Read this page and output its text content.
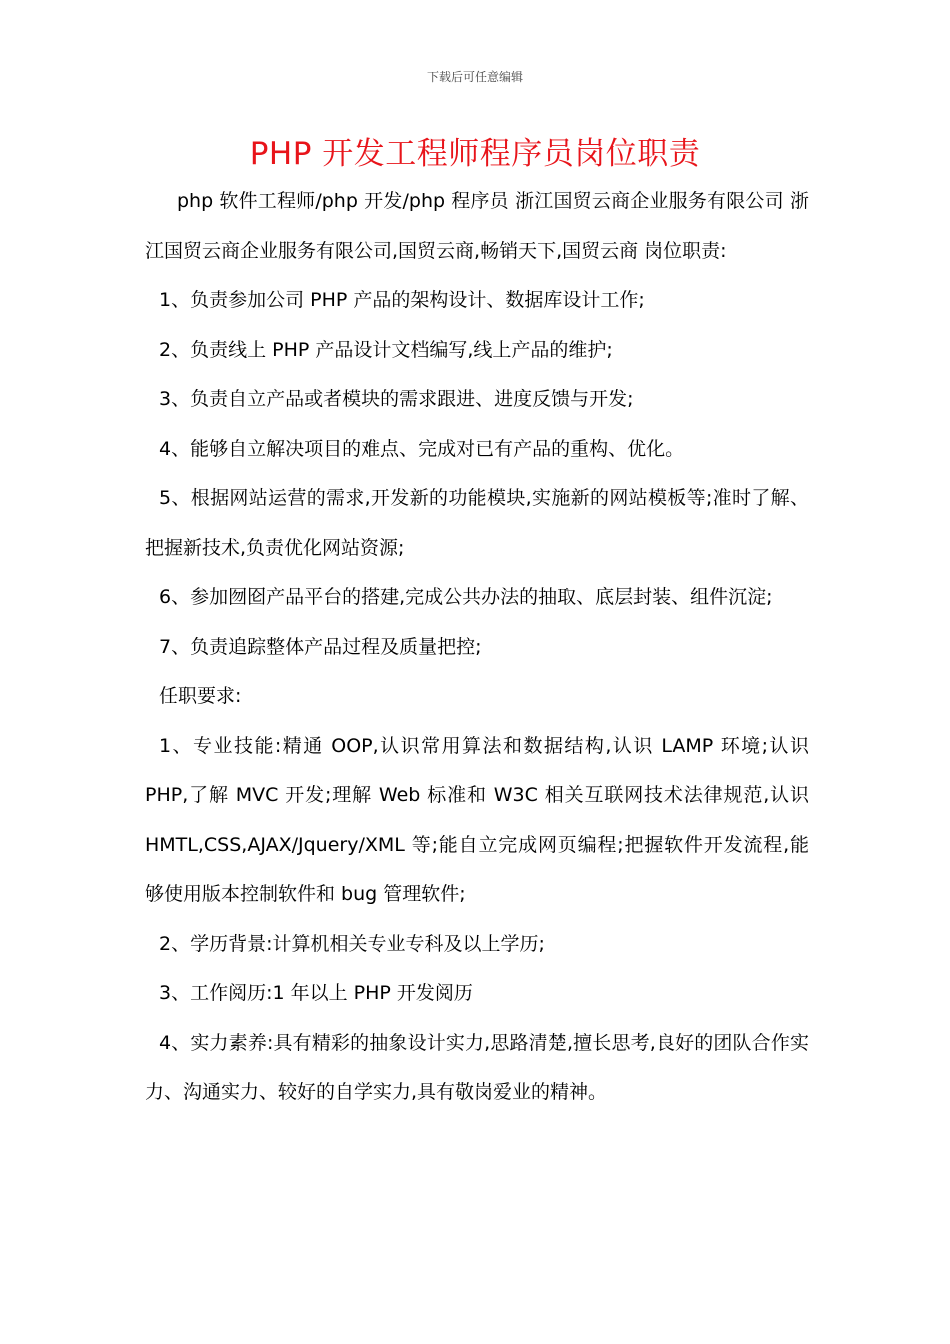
下载后可任意编辑
PHP 开发工程师程序员岗位职责

php 软件工程师/php 开发/php 程序员 浙江国贸云商企业服务有限公司 浙江国贸云商企业服务有限公司,国贸云商,畅销天下,国贸云商 岗位职责:

1、负责参加公司 PHP 产品的架构设计、数据库设计工作;

2、负责线上 PHP 产品设计文档编写,线上产品的维护;

3、负责自立产品或者模块的需求跟进、进度反馈与开发;

4、能够自立解决项目的难点、完成对已有产品的重构、优化。

5、根据网站运营的需求,开发新的功能模块,实施新的网站模板等;准时了解、把握新技术,负责优化网站资源;

6、参加囫囵产品平台的搭建,完成公共办法的抽取、底层封装、组件沉淀;

7、负责追踪整体产品过程及质量把控;

任职要求:

1、专业技能:精通 OOP,认识常用算法和数据结构,认识 LAMP 环境;认识 PHP,了解 MVC 开发;理解 Web 标准和 W3C 相关互联网技术法律规范,认识 HMTL,CSS,AJAX/Jquery/XML 等;能自立完成网页编程;把握软件开发流程,能够使用版本控制软件和 bug 管理软件;

2、学历背景:计算机相关专业专科及以上学历;

3、工作阅历:1 年以上 PHP 开发阅历

4、实力素养:具有精彩的抽象设计实力,思路清楚,擅长思考,良好的团队合作实力、沟通实力、较好的自学实力,具有敬岗爱业的精神。
